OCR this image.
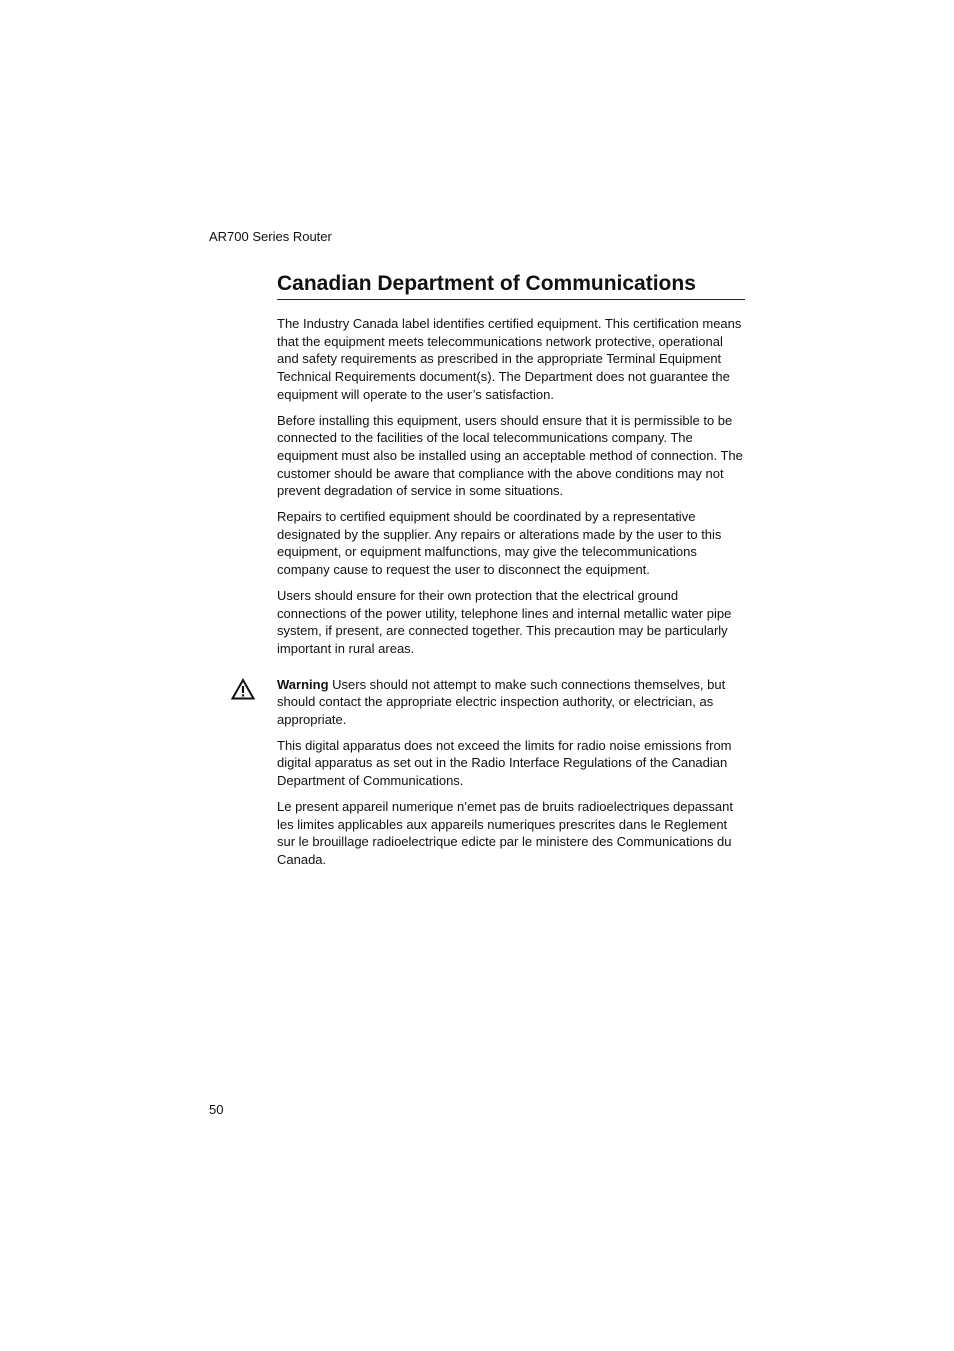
AR700 Series Router
Canadian Department of Communications

The Industry Canada label identifies certified equipment. This certification means that the equipment meets telecommunications network protective, operational and safety requirements as prescribed in the appropriate Terminal Equipment Technical Requirements document(s). The Department does not guarantee the equipment will operate to the user’s satisfaction.

Before installing this equipment, users should ensure that it is permissible to be connected to the facilities of the local telecommunications company. The equipment must also be installed using an acceptable method of connection. The customer should be aware that compliance with the above conditions may not prevent degradation of service in some situations.

Repairs to certified equipment should be coordinated by a representative designated by the supplier. Any repairs or alterations made by the user to this equipment, or equipment malfunctions, may give the telecommunications company cause to request the user to disconnect the equipment.

Users should ensure for their own protection that the electrical ground connections of the power utility, telephone lines and internal metallic water pipe system, if present, are connected together. This precaution may be particularly important in rural areas.

Warning Users should not attempt to make such connections themselves, but should contact the appropriate electric inspection authority, or electrician, as appropriate.

This digital apparatus does not exceed the limits for radio noise emissions from digital apparatus as set out in the Radio Interface Regulations of the Canadian Department of Communications.

Le present appareil numerique n’emet pas de bruits radioelectriques depassant les limites applicables aux appareils numeriques prescrites dans le Reglement sur le brouillage radioelectrique edicte par le ministere des Communications du Canada.

50
